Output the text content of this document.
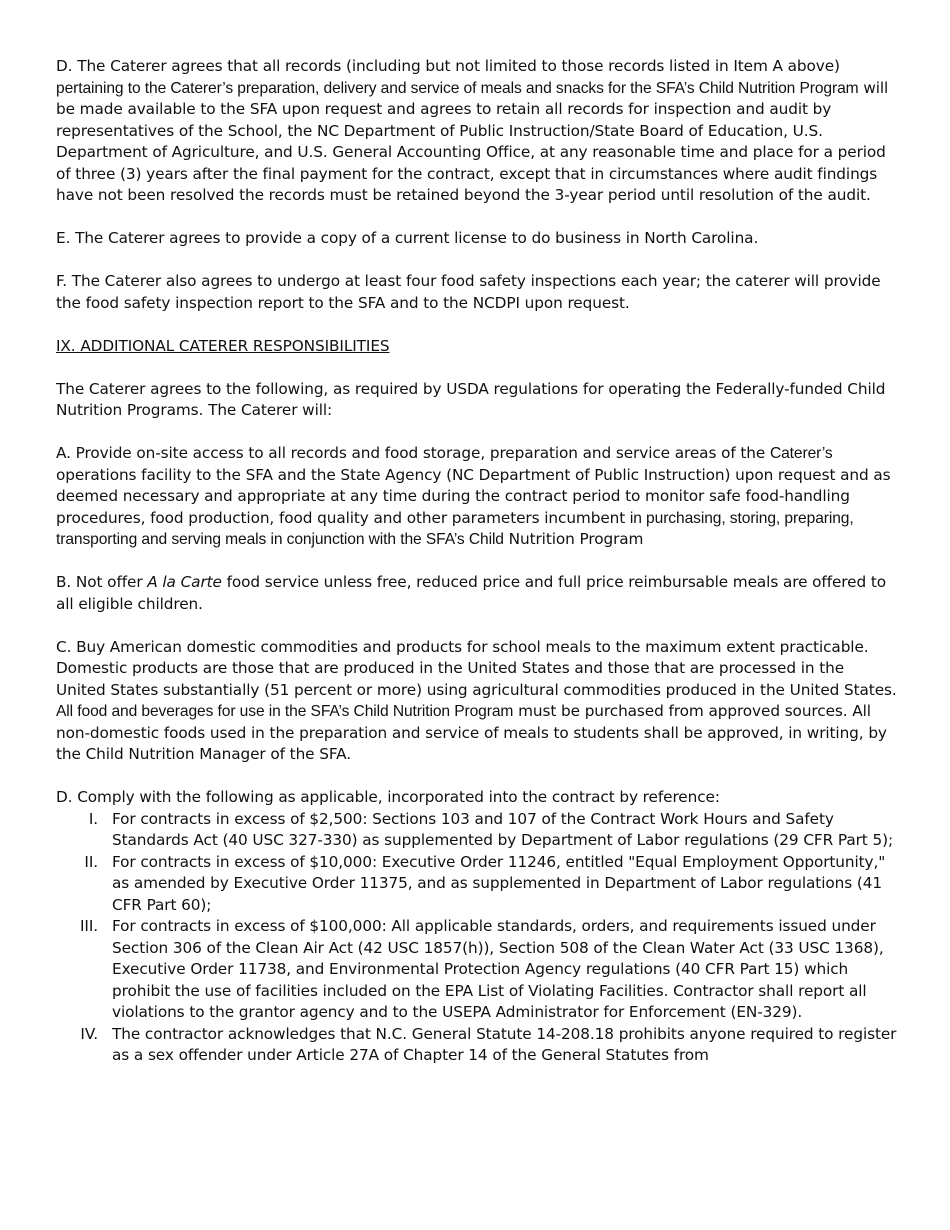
D. The Caterer agrees that all records (including but not limited to those records listed in Item A above) pertaining to the Caterer’s preparation, delivery and service of meals and snacks for the SFA’s Child Nutrition Program will be made available to the SFA upon request and agrees to retain all records for inspection and audit by representatives of the School, the NC Department of Public Instruction/State Board of Education, U.S. Department of Agriculture, and U.S. General Accounting Office, at any reasonable time and place for a period of three (3) years after the final payment for the contract, except that in circumstances where audit findings have not been resolved the records must be retained beyond the 3-year period until resolution of the audit.

E. The Caterer agrees to provide a copy of a current license to do business in North Carolina.

F. The Caterer also agrees to undergo at least four food safety inspections each year; the caterer will provide the food safety inspection report to the SFA and to the NCDPI upon request.

IX. ADDITIONAL CATERER RESPONSIBILITIES

The Caterer agrees to the following, as required by USDA regulations for operating the Federally-funded Child Nutrition Programs. The Caterer will:

A. Provide on-site access to all records and food storage, preparation and service areas of the Caterer’s operations facility to the SFA and the State Agency (NC Department of Public Instruction) upon request and as deemed necessary and appropriate at any time during the contract period to monitor safe food-handling procedures, food production, food quality and other parameters incumbent in purchasing, storing, preparing, transporting and serving meals in conjunction with the SFA’s Child Nutrition Program

B. Not offer A la Carte food service unless free, reduced price and full price reimbursable meals are offered to all eligible children.

C. Buy American domestic commodities and products for school meals to the maximum extent practicable. Domestic products are those that are produced in the United States and those that are processed in the United States substantially (51 percent or more) using agricultural commodities produced in the United States. All food and beverages for use in the SFA’s Child Nutrition Program must be purchased from approved sources. All non-domestic foods used in the preparation and service of meals to students shall be approved, in writing, by the Child Nutrition Manager of the SFA.

D. Comply with the following as applicable, incorporated into the contract by reference:

I. For contracts in excess of $2,500: Sections 103 and 107 of the Contract Work Hours and Safety Standards Act (40 USC 327-330) as supplemented by Department of Labor regulations (29 CFR Part 5);
II. For contracts in excess of $10,000: Executive Order 11246, entitled "Equal Employment Opportunity," as amended by Executive Order 11375, and as supplemented in Department of Labor regulations (41 CFR Part 60);
III. For contracts in excess of $100,000: All applicable standards, orders, and requirements issued under Section 306 of the Clean Air Act (42 USC 1857(h)), Section 508 of the Clean Water Act (33 USC 1368), Executive Order 11738, and Environmental Protection Agency regulations (40 CFR Part 15) which prohibit the use of facilities included on the EPA List of Violating Facilities. Contractor shall report all violations to the grantor agency and to the USEPA Administrator for Enforcement (EN-329).
IV. The contractor acknowledges that N.C. General Statute 14-208.18 prohibits anyone required to register as a sex offender under Article 27A of Chapter 14 of the General Statutes from
